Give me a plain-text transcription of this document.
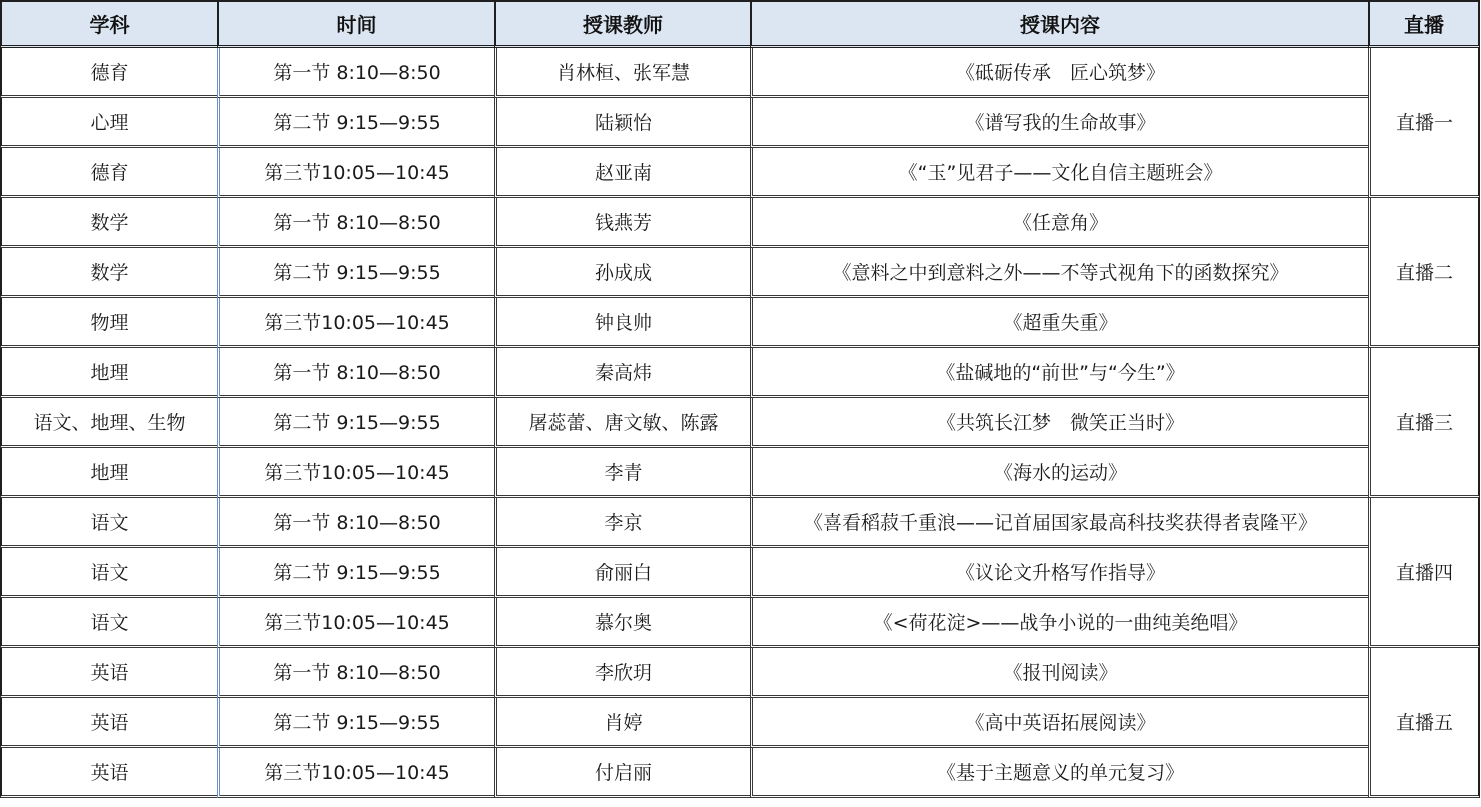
学科	时间	授课教师	授课内容	直播
德育	第一节 8:10—8:50	肖林桓、张军慧	《砥砺传承　匠心筑梦》	直播一
心理	第二节 9:15—9:55	陆颖怡	《谱写我的生命故事》	
德育	第三节10:05—10:45	赵亚南	《“玉”见君子——文化自信主题班会》	
数学	第一节 8:10—8:50	钱燕芳	《任意角》	直播二
数学	第二节 9:15—9:55	孙成成	《意料之中到意料之外——不等式视角下的函数探究》	
物理	第三节10:05—10:45	钟良帅	《超重失重》	
地理	第一节 8:10—8:50	秦高炜	《盐碱地的“前世”与“今生”》	直播三
语文、地理、生物	第二节 9:15—9:55	屠蕊蕾、唐文敏、陈露	《共筑长江梦　微笑正当时》	
地理	第三节10:05—10:45	李青	《海水的运动》	
语文	第一节 8:10—8:50	李京	《喜看稻菽千重浪——记首届国家最高科技奖获得者袁隆平》	直播四
语文	第二节 9:15—9:55	俞丽白	《议论文升格写作指导》	
语文	第三节10:05—10:45	慕尔奥	《<荷花淀>——战争小说的一曲纯美绝唱》	
英语	第一节 8:10—8:50	李欣玥	《报刊阅读》	直播五
英语	第二节 9:15—9:55	肖婷	《高中英语拓展阅读》	
英语	第三节10:05—10:45	付启丽	《基于主题意义的单元复习》	
